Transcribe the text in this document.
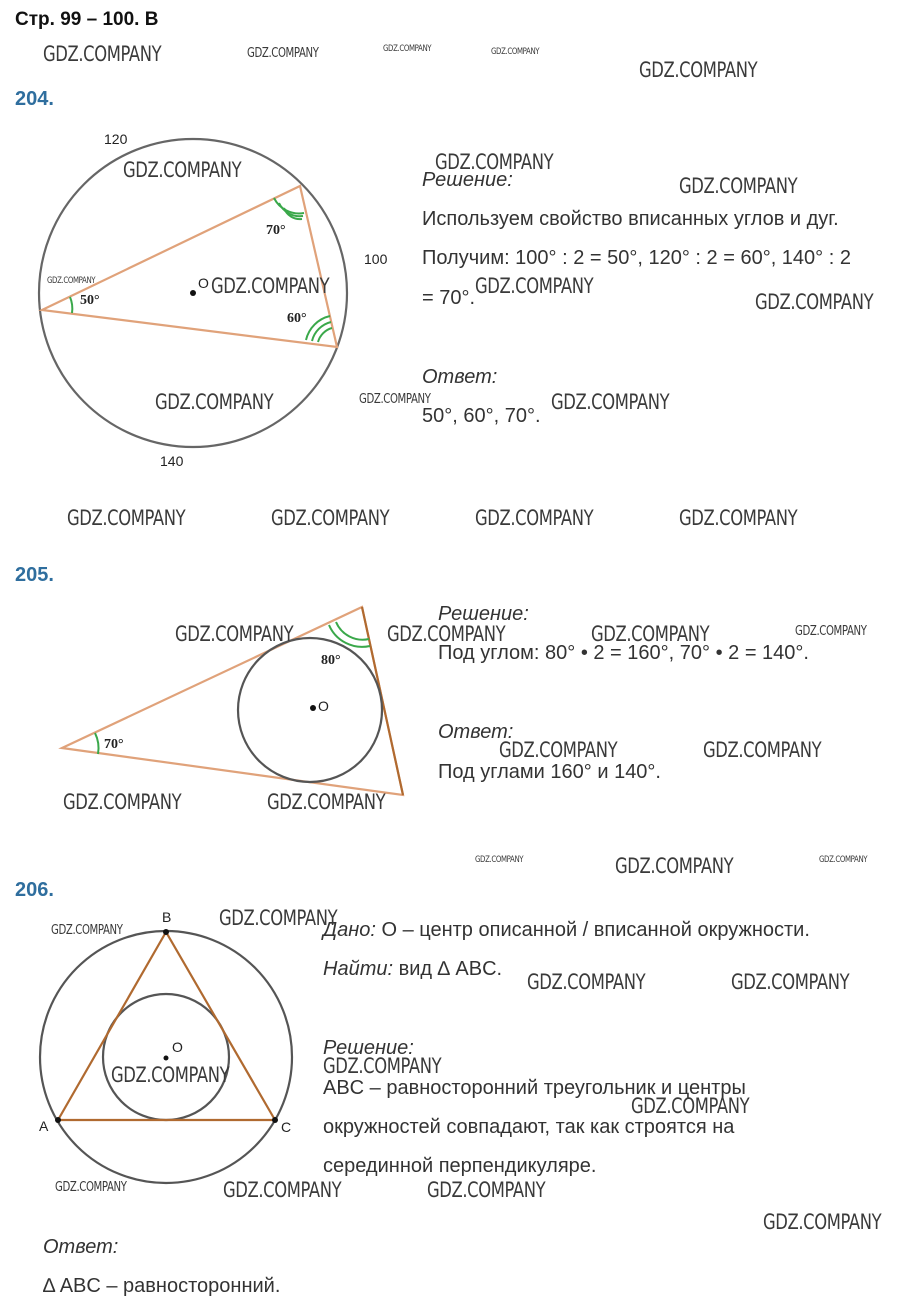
Стр. 99 – 100. В
204.
120
100
140
O
50°
70°
60°
O
70°
80°
B
A	C
O
Решение:
Используем свойство вписанных углов и дуг.
Получим: 100° : 2 = 50°, 120° : 2 = 60°, 140° : 2
= 70°.
Ответ:
50°, 60°, 70°.
205.
Решение:
Под углом: 80° • 2 = 160°, 70° • 2 = 140°.
Ответ:
Под углами 160° и 140°.
206.
Дано: O – центр описанной / вписанной окружности.
Найти: вид ∆ ABC.
Решение:
ABC – равносторонний треугольник и центры
окружностей совпадают, так как строятся на
серединной перпендикуляре.
Ответ:
∆ ABC – равносторонний.
GDZ.COMPANY	GDZ.COMPANY	GDZ.COMPANY	GDZ.COMPANY
GDZ.COMPANY
GDZ.COMPANY	GDZ.COMPANY
GDZ.COMPANY
GDZ.COMPANY	GDZ.COMPANY	GDZ.COMPANY
GDZ.COMPANY
GDZ.COMPANY	GDZ.COMPANY	GDZ.COMPANY
GDZ.COMPANY	GDZ.COMPANY	GDZ.COMPANY	GDZ.COMPANY
GDZ.COMPANY	GDZ.COMPANY	GDZ.COMPANY	GDZ.COMPANY
GDZ.COMPANY	GDZ.COMPANY
GDZ.COMPANY	GDZ.COMPANY
GDZ.COMPANY	GDZ.COMPANY	GDZ.COMPANY
GDZ.COMPANY
GDZ.COMPANY
GDZ.COMPANY	GDZ.COMPANY
GDZ.COMPANY
GDZ.COMPANY
GDZ.COMPANY
GDZ.COMPANY	GDZ.COMPANY	GDZ.COMPANY
GDZ.COMPANY
